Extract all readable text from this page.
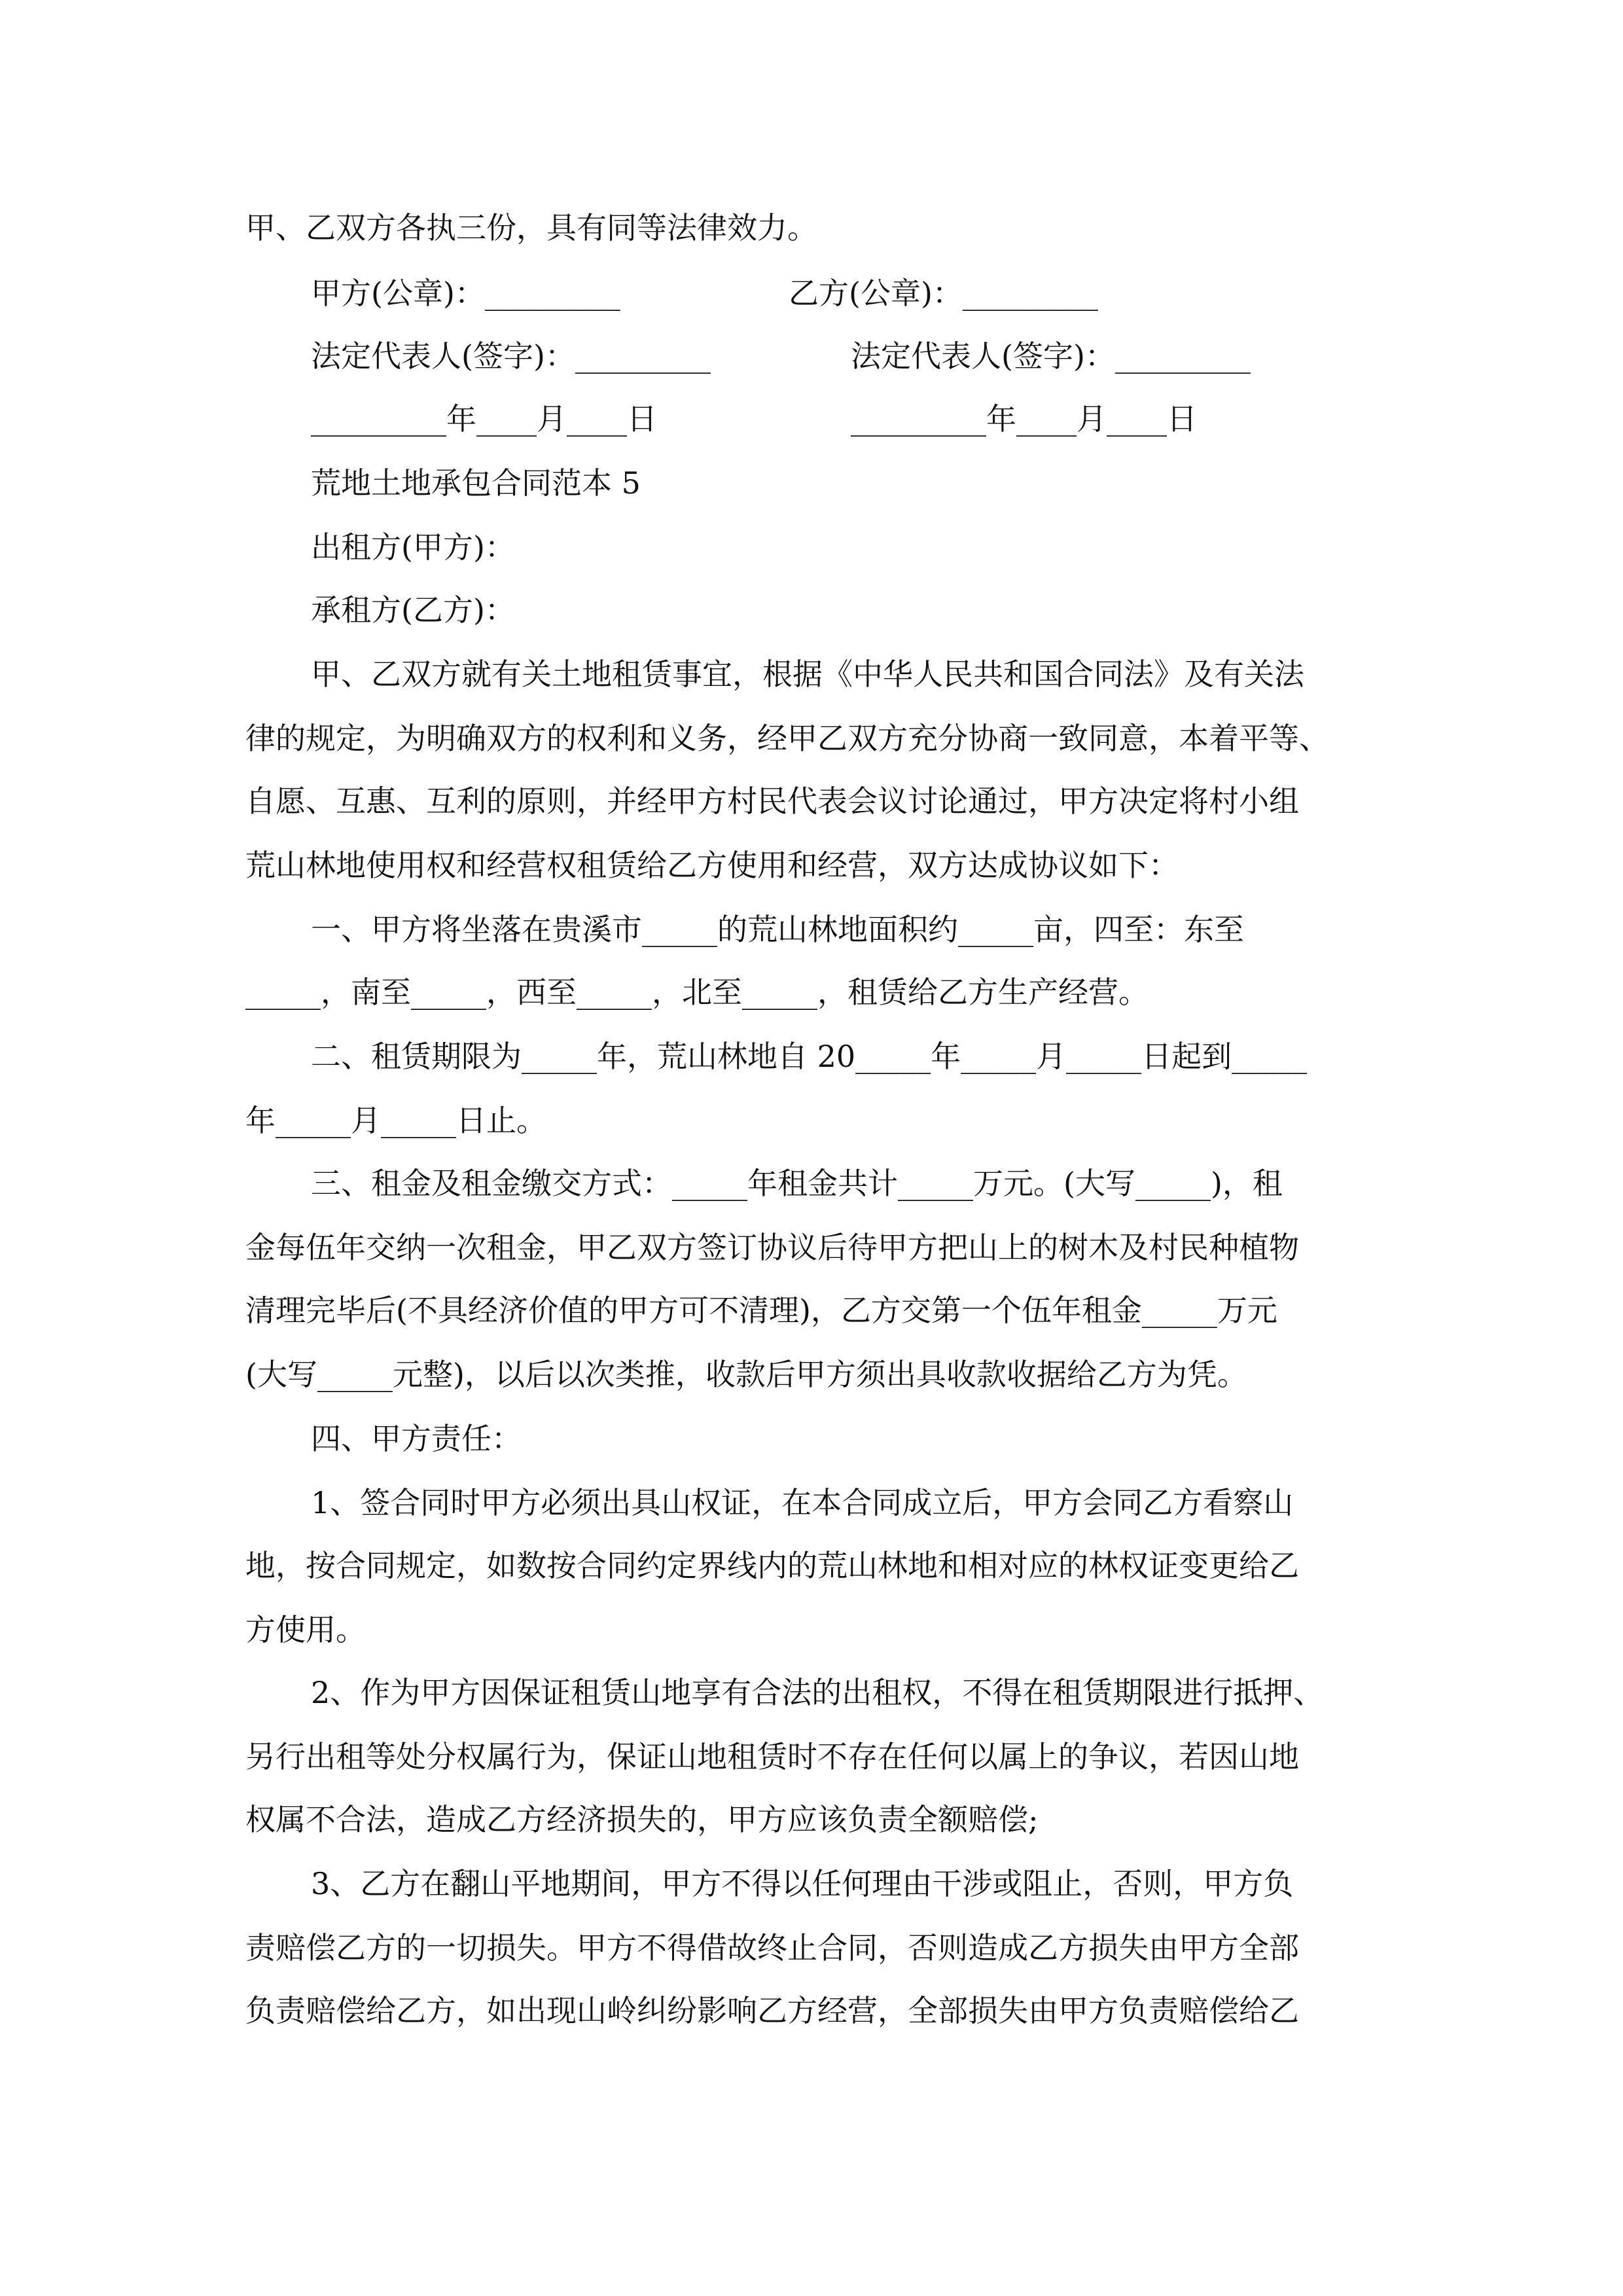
甲、乙双方各执三份，具有同等法律效力。
甲方(公章)：_________	乙方(公章)：_________
法定代表人(签字)：_________	法定代表人(签字)：_________
_________年____月____日	_________年____月____日
荒地土地承包合同范本 5
出租方(甲方)：
承租方(乙方)：
甲、乙双方就有关土地租赁事宜，根据《中华人民共和国合同法》及有关法
律的规定，为明确双方的权利和义务，经甲乙双方充分协商一致同意，本着平等、
自愿、互惠、互利的原则，并经甲方村民代表会议讨论通过，甲方决定将村小组
荒山林地使用权和经营权租赁给乙方使用和经营，双方达成协议如下：
一、甲方将坐落在贵溪市_____的荒山林地面积约_____亩，四至：东至
_____，南至_____，西至_____，北至_____，租赁给乙方生产经营。
二、租赁期限为_____年，荒山林地自 20_____年_____月_____日起到_____
年_____月_____日止。
三、租金及租金缴交方式：_____年租金共计_____万元。(大写_____)，租
金每伍年交纳一次租金，甲乙双方签订协议后待甲方把山上的树木及村民种植物
清理完毕后(不具经济价值的甲方可不清理)，乙方交第一个伍年租金_____万元
(大写_____元整)，以后以次类推，收款后甲方须出具收款收据给乙方为凭。
四、甲方责任：
1、签合同时甲方必须出具山权证，在本合同成立后，甲方会同乙方看察山
地，按合同规定，如数按合同约定界线内的荒山林地和相对应的林权证变更给乙
方使用。
2、作为甲方因保证租赁山地享有合法的出租权，不得在租赁期限进行抵押、
另行出租等处分权属行为，保证山地租赁时不存在任何以属上的争议，若因山地
权属不合法，造成乙方经济损失的，甲方应该负责全额赔偿;
3、乙方在翻山平地期间，甲方不得以任何理由干涉或阻止，否则，甲方负
责赔偿乙方的一切损失。甲方不得借故终止合同，否则造成乙方损失由甲方全部
负责赔偿给乙方，如出现山岭纠纷影响乙方经营，全部损失由甲方负责赔偿给乙
